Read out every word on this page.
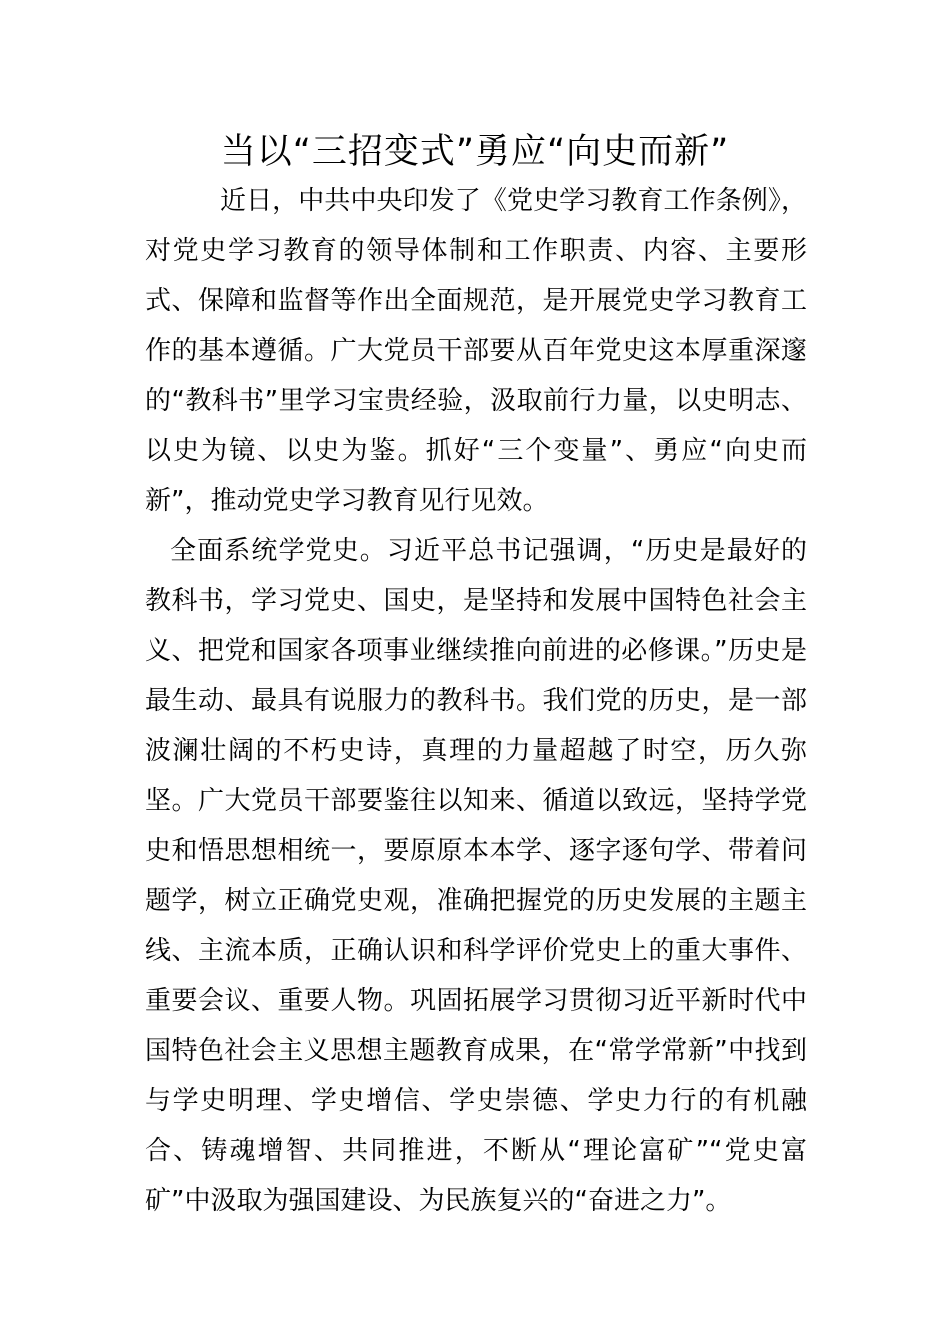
当以“三招变式”勇应“向史而新”

近日，中共中央印发了《党史学习教育工作条例》，对党史学习教育的领导体制和工作职责、内容、主要形式、保障和监督等作出全面规范，是开展党史学习教育工作的基本遵循。广大党员干部要从百年党史这本厚重深邃的“教科书”里学习宝贵经验，汲取前行力量，以史明志、以史为镜、以史为鉴。抓好“三个变量”、勇应“向史而新”，推动党史学习教育见行见效。

全面系统学党史。习近平总书记强调，“历史是最好的教科书，学习党史、国史，是坚持和发展中国特色社会主义、把党和国家各项事业继续推向前进的必修课。”历史是最生动、最具有说服力的教科书。我们党的历史，是一部波澜壮阔的不朽史诗，真理的力量超越了时空，历久弥坚。广大党员干部要鉴往以知来、循道以致远，坚持学党史和悟思想相统一，要原原本本学、逐字逐句学、带着问题学，树立正确党史观，准确把握党的历史发展的主题主线、主流本质，正确认识和科学评价党史上的重大事件、重要会议、重要人物。巩固拓展学习贯彻习近平新时代中国特色社会主义思想主题教育成果，在“常学常新”中找到与学史明理、学史增信、学史崇德、学史力行的有机融合、铸魂增智、共同推进，不断从“理论富矿”“党史富矿”中汲取为强国建设、为民族复兴的“奋进之力”。
